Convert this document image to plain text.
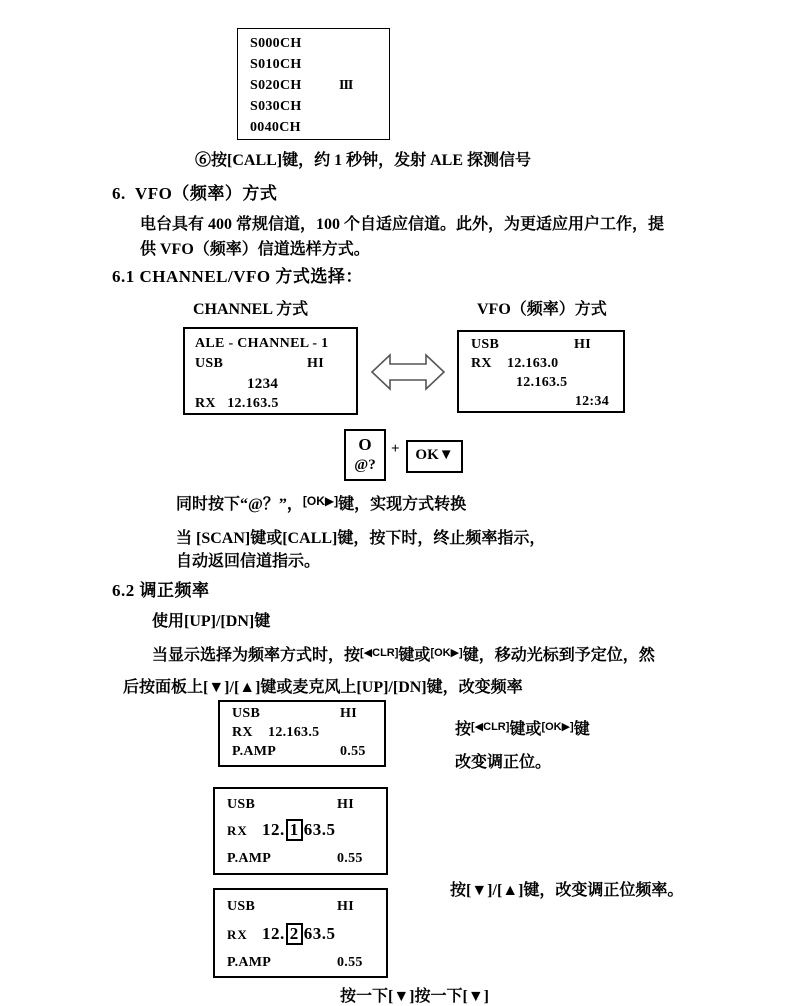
S000CH
S010CH
S020CH
S030CH
0040CH
III
⑥按[CALL]键，约 1 秒钟，发射 ALE 探测信号
6.  VFO（频率）方式
电台具有 400 常规信道，100 个自适应信道。此外，为更适应用户工作，提
供 VFO（频率）信道选样方式。
6.1 CHANNEL/VFO 方式选择：
CHANNEL 方式	VFO（频率）方式
ALE - CHANNEL - 1
USB	HI
1234
RX   12.163.5
USB	HI
RX    12.163.0
12.163.5
12:34
O
@?
+	OK▼
同时按下“@？”，[OK▶]键，实现方式转换
当 [SCAN]键或[CALL]键，按下时，终止频率指示，
自动返回信道指示。
6.2 调正频率
使用[UP]/[DN]键
当显示选择为频率方式时，按[◀CLR]键或[OK▶]键，移动光标到予定位，然
后按面板上[▼]/[▲]键或麦克风上[UP]/[DN]键，改变频率
USB	HI
RX    12.163.5
P.AMP	0.55
按[◀CLR]键或[OK▶]键
改变调正位。
USB	HI
RX 12. 1 63.5
P.AMP	0.55
按[▼]/[▲]键，改变调正位频率。
USB	HI
RX 12. 2 63.5
P.AMP	0.55
按一下[▼]按一下[▼]
